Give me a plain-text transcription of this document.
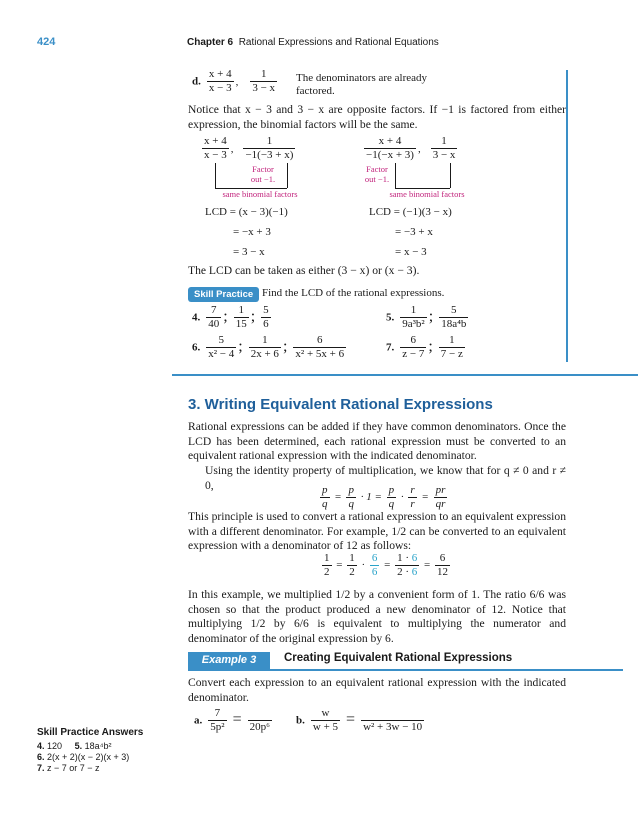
424	Chapter 6 Rational Expressions and Rational Equations
d. $\frac{x + 4}{x - 3}$ , $\frac{1}{3 - x}$ The denominators are already
factored.

Notice that x − 3 and 3 − x are opposite factors. If −1 is factored from either expression, the binomial factors will be the same.

$\frac{x + 4}{x - 3}$ , $\frac{1}{-1(-3 + x)}$
Factor out −1.
same binomial factors
$\frac{x + 4}{-1(-x + 3)}$ , $\frac{1}{3 - x}$
Factor out −1.
same binomial factors
LCD = (x − 3)(−1)
= −x + 3
= 3 − x
LCD = (−1)(3 − x)
= −3 + x
= x − 3

The LCD can be taken as either (3 − x) or (x − 3).

Skill Practice Find the LCD of the rational expressions.
4. $\frac{7}{40}$ ; $\frac{1}{15}$ ; $\frac{5}{6}$	5. $\frac{1}{\text{9a³b²}}$ ; $\frac{5}{\text{18a⁴b}}$
6. $\frac{5}{\text{x² − 4}}$ ; $\frac{1}{2x + 6}$ ; $\frac{6}{\text{x² + 5x + 6}}$	7. $\frac{6}{z - 7}$ ; $\frac{1}{7 - z}$
3. Writing Equivalent Rational Expressions

Rational expressions can be added if they have common denominators. Once the LCD has been determined, each rational expression must be converted to an equivalent rational expression with the indicated denominator.

Using the identity property of multiplication, we know that for q ≠ 0 and r ≠ 0,	$\frac{p}{q} = \frac{p}{q} \cdot 1 = \frac{p}{q} \cdot \frac{r}{r} = \frac{pr}{qr}$

This principle is used to convert a rational expression to an equivalent expression with a different denominator. For example, 1/2 can be converted to an equivalent expression with a denominator of 12 as follows:

$\frac{1}{2} = \frac{1}{2} \cdot \frac{6}{6} = \frac{1 \cdot 6}{2 \cdot 6} = \frac{6}{12}$

In this example, we multiplied 1/2 by a convenient form of 1. The ratio 6/6 was chosen so that the product produced a new denominator of 12. Notice that multiplying 1/2 by 6/6 is equivalent to multiplying the numerator and denominator of the original expression by 6.

Example 3	Creating Equivalent Rational Expressions

Convert each expression to an equivalent rational expression with the indicated denominator.

a. $\frac{7}{\text{5p²}}$ =
20p⁶
b. $\frac{w}{w + 5}$ =
w² + 3w − 10
Skill Practice Answers
4. 120 5. 18a⁴b²
6. 2(x + 2)(x − 2)(x + 3)
7. z − 7 or 7 − z
